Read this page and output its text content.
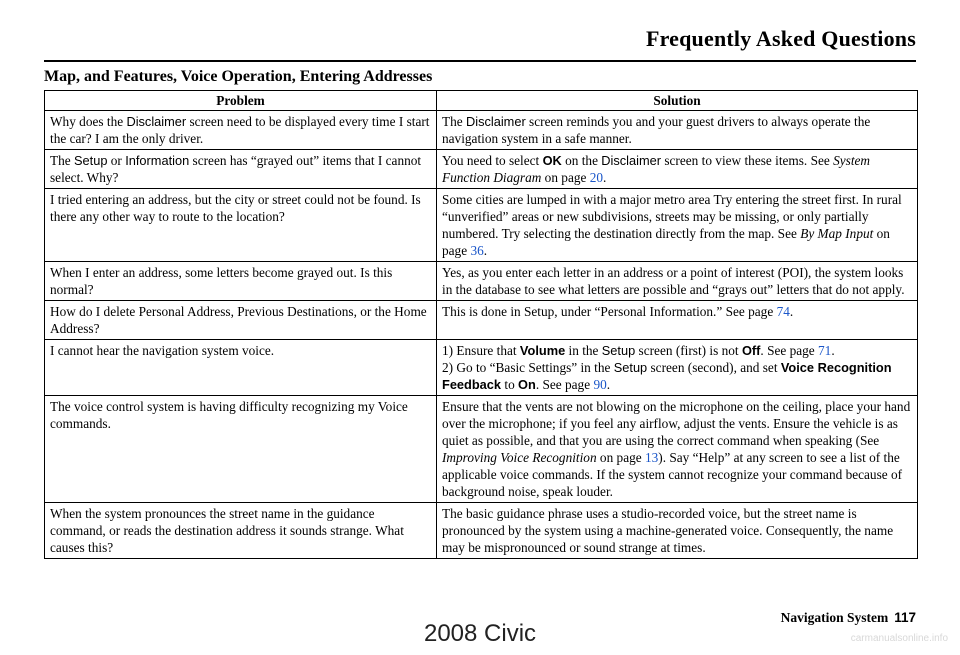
Frequently Asked Questions
Map, and Features, Voice Operation, Entering Addresses
Problem	Solution
Why does the Disclaimer screen need to be displayed every time I start the car? I am the only driver.	The Disclaimer screen reminds you and your guest drivers to always operate the navigation system in a safe manner.
The Setup or Information screen has “grayed out” items that I cannot select. Why?	You need to select OK on the Disclaimer screen to view these items. See System Function Diagram on page 20.
I tried entering an address, but the city or street could not be found. Is there any other way to route to the location?	Some cities are lumped in with a major metro area Try entering the street first. In rural “unverified” areas or new subdivisions, streets may be missing, or only partially numbered. Try selecting the destination directly from the map. See By Map Input on page 36.
When I enter an address, some letters become grayed out. Is this normal?	Yes, as you enter each letter in an address or a point of interest (POI), the system looks in the database to see what letters are possible and “grays out” letters that do not apply.
How do I delete Personal Address, Previous Destinations, or the Home Address?	This is done in Setup, under “Personal Information.” See page 74.
I cannot hear the navigation system voice.	1) Ensure that Volume in the Setup screen (first) is not Off. See page 71.
2) Go to “Basic Settings” in the Setup screen (second), and set Voice Recognition Feedback to On. See page 90.
The voice control system is having difficulty recognizing my Voice commands.	Ensure that the vents are not blowing on the microphone on the ceiling, place your hand over the microphone; if you feel any airflow, adjust the vents. Ensure the vehicle is as quiet as possible, and that you are using the correct command when speaking (See Improving Voice Recognition on page 13). Say “Help” at any screen to see a list of the applicable voice commands. If the system cannot recognize your command because of background noise, speak louder.
When the system pronounces the street name in the guidance command, or reads the destination address it sounds strange. What causes this?	The basic guidance phrase uses a studio-recorded voice, but the street name is pronounced by the system using a machine-generated voice. Consequently, the name may be mispronounced or sound strange at times.
Navigation System 117
2008 Civic	carmanualsonline.info
